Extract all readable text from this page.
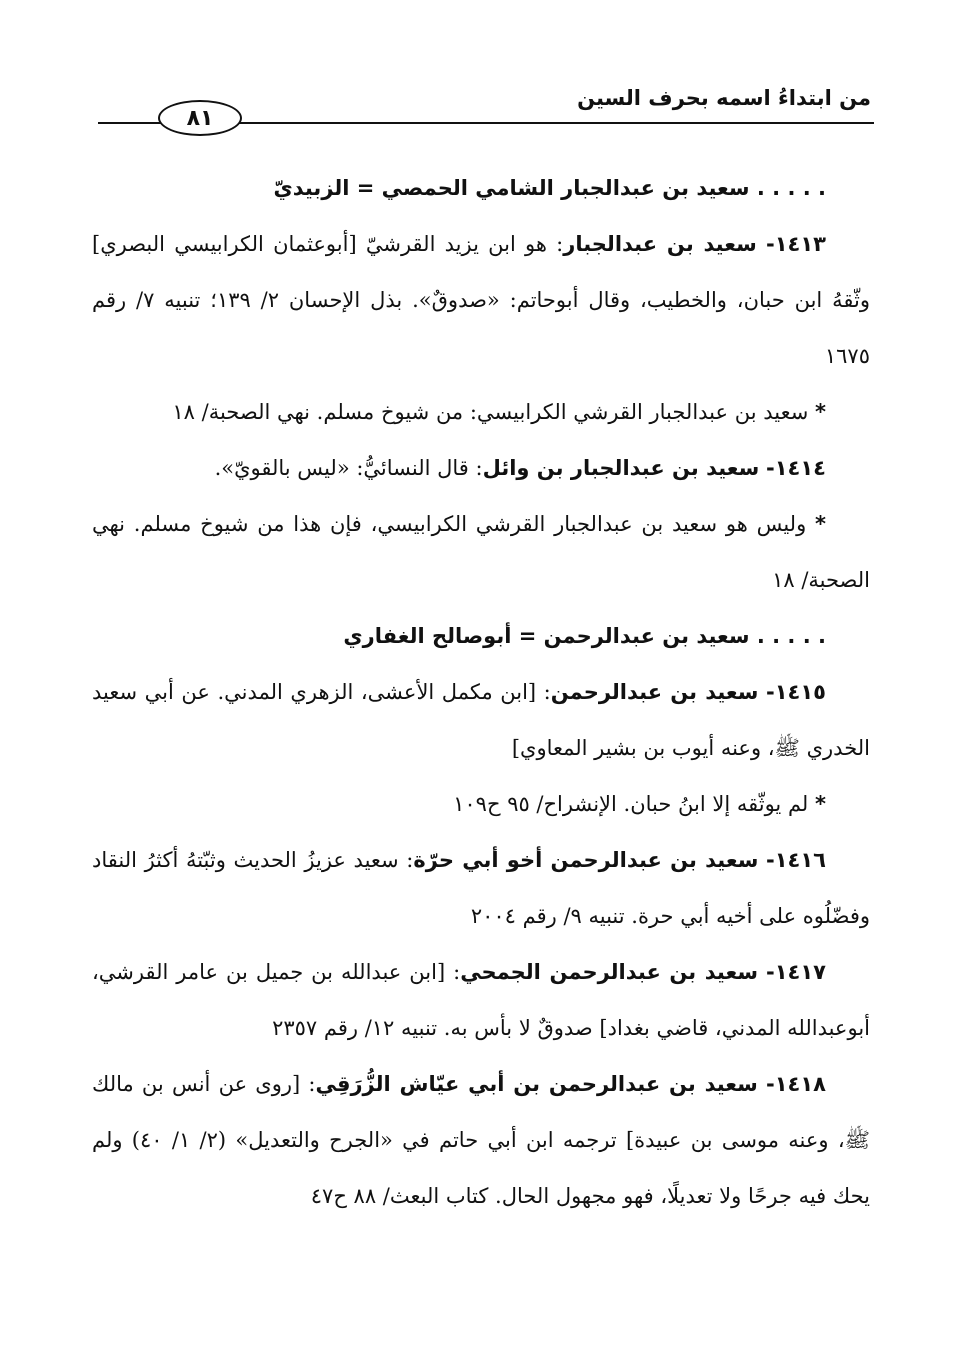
من ابتداءُ اسمه بحرف السين
٨١

. . . . . سعيد بن عبدالجبار الشامي الحمصي = الزبيديّ

١٤١٣- سعيد بن عبدالجبار: هو ابن يزيد القرشيّ [أبوعثمان الكرابيسي البصري] وثّقهُ ابن حبان، والخطيب، وقال أبوحاتم: «صدوقٌ». بذل الإحسان ٢/ ١٣٩؛ تنبيه ٧/ رقم ١٦٧٥

* سعيد بن عبدالجبار القرشي الكرابيسي: من شيوخ مسلم. نهي الصحبة/ ١٨

١٤١٤- سعيد بن عبدالجبار بن وائل: قال النسائيُّ: «ليس بالقويّ».

* وليس هو سعيد بن عبدالجبار القرشي الكرابيسي، فإن هذا من شيوخ مسلم. نهي الصحبة/ ١٨

. . . . . سعيد بن عبدالرحمن = أبوصالح الغفاري

١٤١٥- سعيد بن عبدالرحمن: [ابن مكمل الأعشى، الزهري المدني. عن أبي سعيد الخدري ﷺ، وعنه أيوب بن بشير المعاوي]

* لم يوثّقه إلا ابنُ حبان. الإنشراح/ ٩٥ ح١٠٩

١٤١٦- سعيد بن عبدالرحمن أخو أبي حرّة: سعيد عزيزُ الحديث وثبّتهُ أكثرُ النقاد وفضّلُوه على أخيه أبي حرة. تنبيه ٩/ رقم ٢٠٠٤

١٤١٧- سعيد بن عبدالرحمن الجمحي: [ابن عبدالله بن جميل بن عامر القرشي، أبوعبدالله المدني، قاضي بغداد] صدوقٌ لا بأس به. تنبيه ١٢/ رقم ٢٣٥٧

١٤١٨- سعيد بن عبدالرحمن بن أبي عيّاش الزُّرَقِي: [روى عن أنس بن مالك ﷺ، وعنه موسى بن عبيدة] ترجمه ابن أبي حاتم في «الجرح والتعديل» (٢/ ١/ ٤٠) ولم يحك فيه جرحًا ولا تعديلًا، فهو مجهول الحال. كتاب البعث/ ٨٨ ح٤٧
